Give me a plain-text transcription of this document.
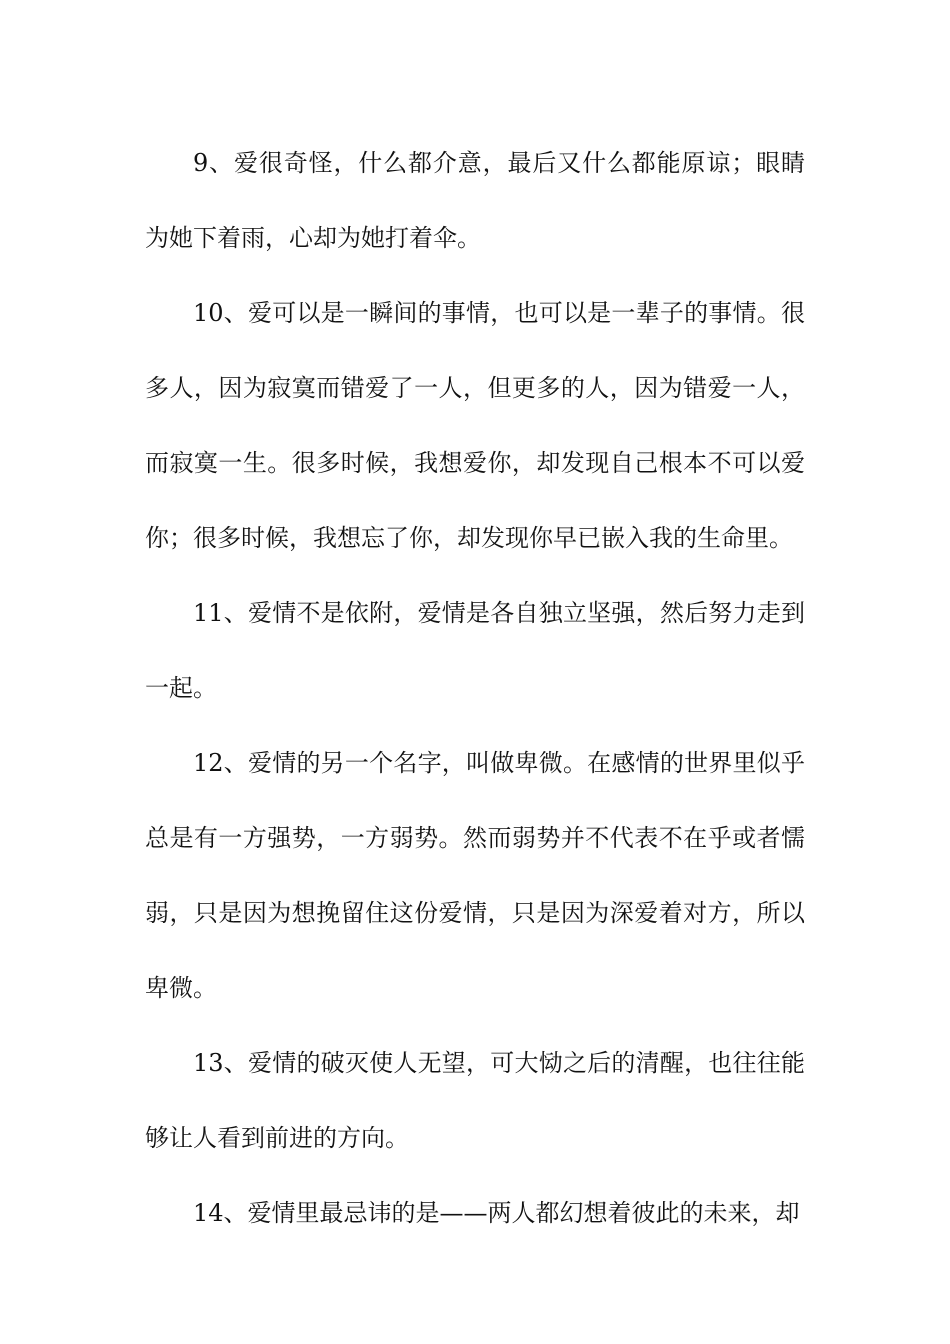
9、爱很奇怪，什么都介意，最后又什么都能原谅；眼睛为她下着雨，心却为她打着伞。

10、爱可以是一瞬间的事情，也可以是一辈子的事情。很多人，因为寂寞而错爱了一人，但更多的人，因为错爱一人，而寂寞一生。很多时候，我想爱你，却发现自己根本不可以爱你；很多时候，我想忘了你，却发现你早已嵌入我的生命里。

11、爱情不是依附，爱情是各自独立坚强，然后努力走到一起。

12、爱情的另一个名字，叫做卑微。在感情的世界里似乎总是有一方强势，一方弱势。然而弱势并不代表不在乎或者懦弱，只是因为想挽留住这份爱情，只是因为深爱着对方，所以卑微。

13、爱情的破灭使人无望，可大恸之后的清醒，也往往能够让人看到前进的方向。

14、爱情里最忌讳的是——两人都幻想着彼此的未来，却
